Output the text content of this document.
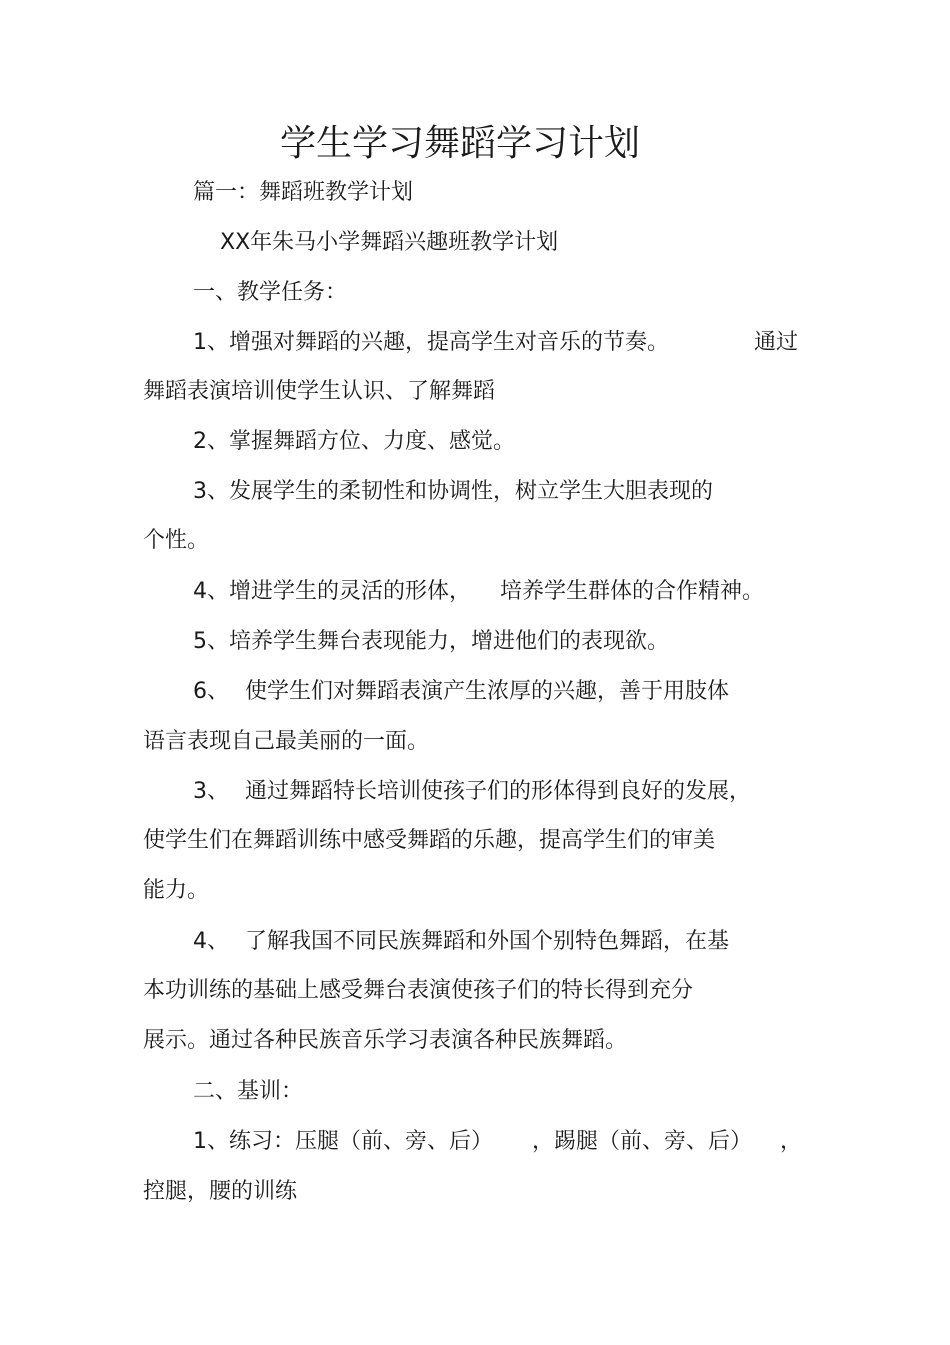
学生学习舞蹈学习计划
篇一：舞蹈班教学计划
XX年朱马小学舞蹈兴趣班教学计划
一、教学任务：
1、增强对舞蹈的兴趣，提高学生对音乐的节奏。	通过
舞蹈表演培训使学生认识、了解舞蹈
2、掌握舞蹈方位、力度、感觉。
3、发展学生的柔韧性和协调性，树立学生大胆表现的
个性。
4、增进学生的灵活的形体， 培养学生群体的合作精神。
5、培养学生舞台表现能力，增进他们的表现欲。
6、 使学生们对舞蹈表演产生浓厚的兴趣，善于用肢体
语言表现自己最美丽的一面。
3、 通过舞蹈特长培训使孩子们的形体得到良好的发展，
使学生们在舞蹈训练中感受舞蹈的乐趣，提高学生们的审美
能力。
4、 了解我国不同民族舞蹈和外国个别特色舞蹈，在基
本功训练的基础上感受舞台表演使孩子们的特长得到充分
展示。通过各种民族音乐学习表演各种民族舞蹈。
二、基训：
1、练习：压腿（前、旁、后） ，踢腿（前、旁、后） ，
控腿，腰的训练
